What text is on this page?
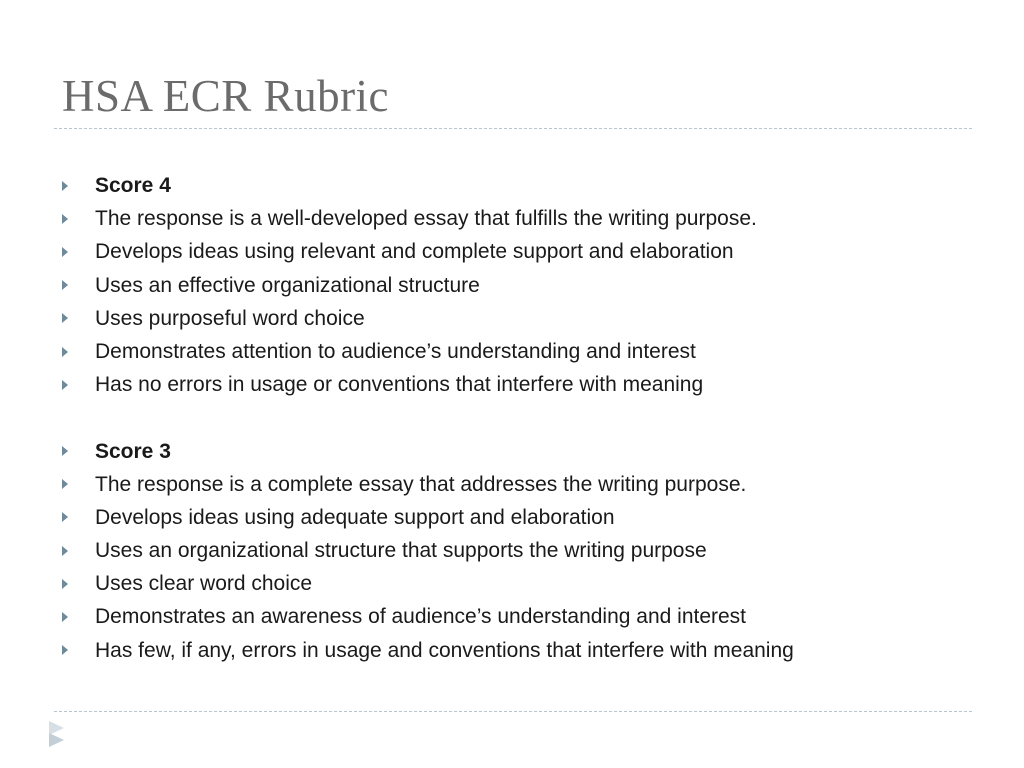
HSA ECR Rubric
Score 4
The response is a well-developed essay that fulfills the writing purpose.
Develops ideas using relevant and complete support and elaboration
Uses an effective organizational structure
Uses purposeful word choice
Demonstrates attention to audience’s understanding and interest
Has no errors in usage or conventions that interfere with meaning
Score 3
The response is a complete essay that addresses the writing purpose.
Develops ideas using adequate support and elaboration
Uses an organizational structure that supports the writing purpose
Uses clear word choice
Demonstrates an awareness of audience’s understanding and interest
Has few, if any, errors in usage and conventions that interfere with meaning
